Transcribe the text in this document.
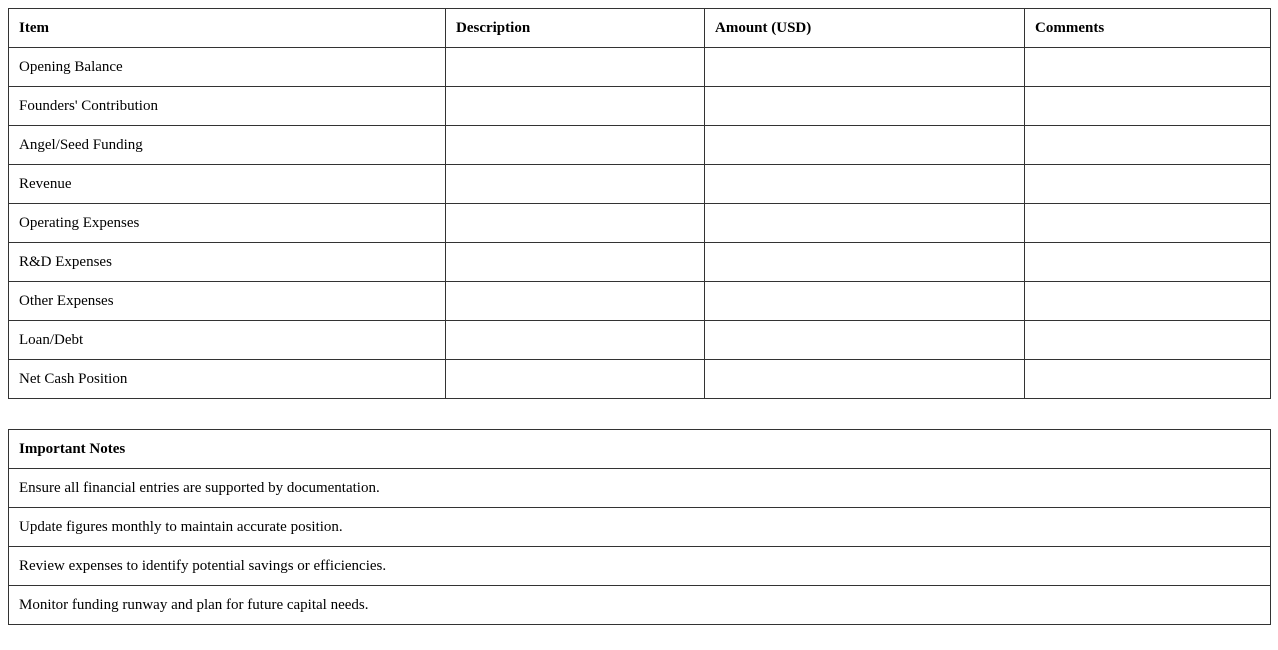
Item	Description	Amount (USD)	Comments
Opening Balance			
Founders' Contribution			
Angel/Seed Funding			
Revenue			
Operating Expenses			
R&D Expenses			
Other Expenses			
Loan/Debt			
Net Cash Position			
Important Notes
Ensure all financial entries are supported by documentation.
Update figures monthly to maintain accurate position.
Review expenses to identify potential savings or efficiencies.
Monitor funding runway and plan for future capital needs.
